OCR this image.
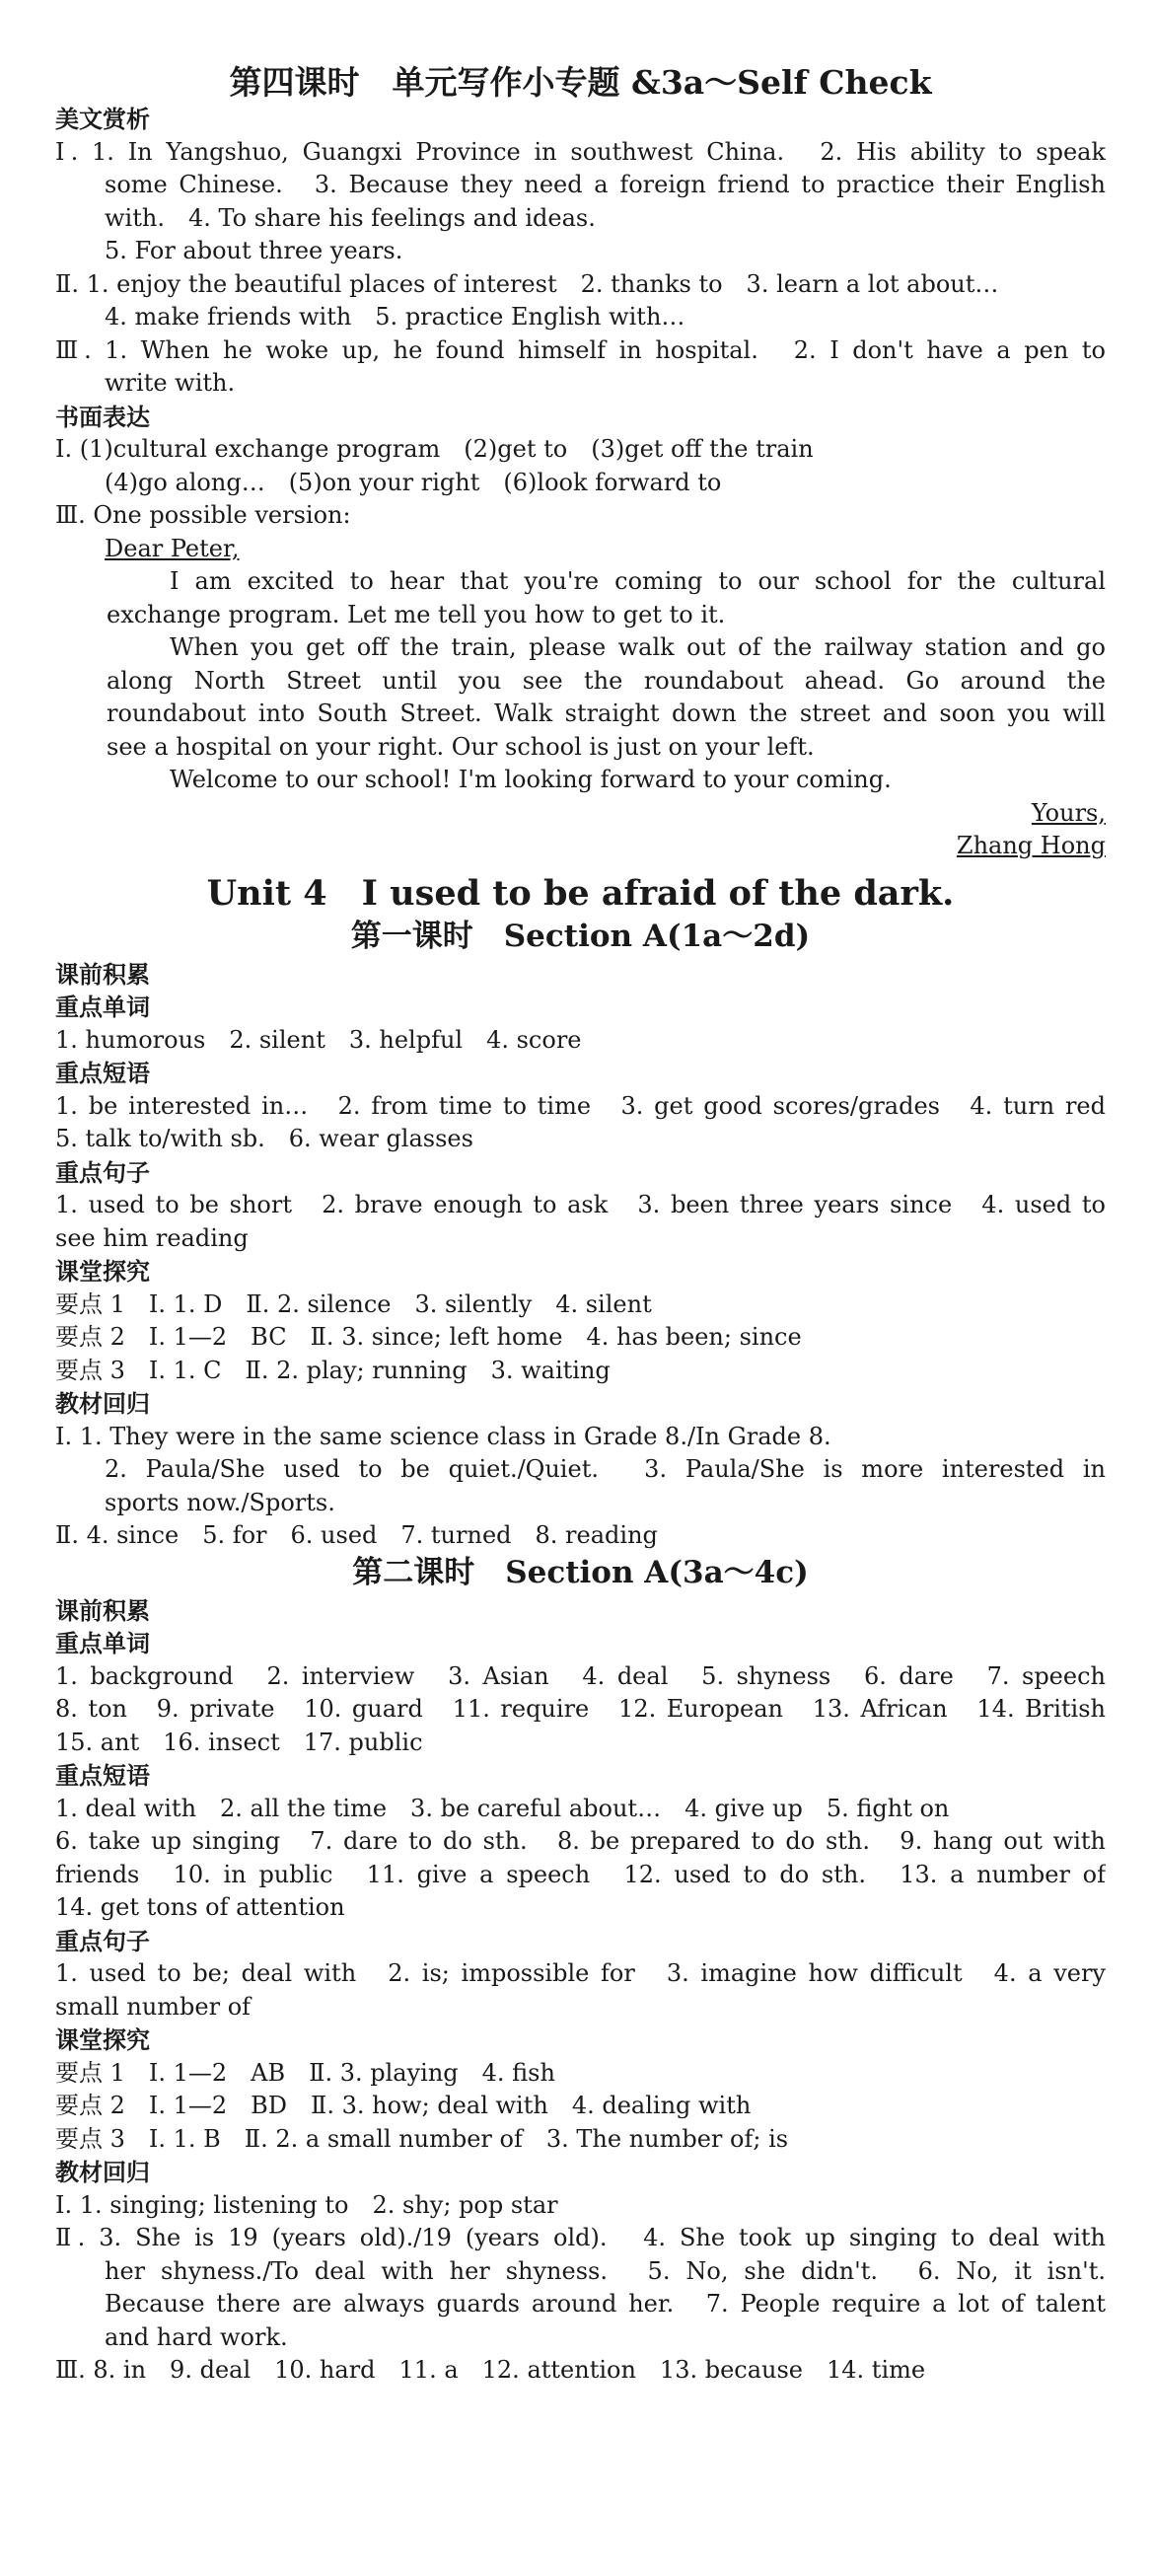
第四课时　单元写作小专题 &3a～Self Check
美文赏析
Ⅰ. 1. In Yangshuo, Guangxi Province in southwest China.　2. His ability to speak
some Chinese.　3. Because they need a foreign friend to practice their English
with.　4. To share his feelings and ideas.
5. For about three years.
Ⅱ. 1. enjoy the beautiful places of interest　2. thanks to　3. learn a lot about…
4. make friends with　5. practice English with…
Ⅲ. 1. When he woke up, he found himself in hospital.　2. I don't have a pen to
write with.
书面表达
Ⅰ. (1)cultural exchange program　(2)get to　(3)get off the train
(4)go along…　(5)on your right　(6)look forward to
Ⅲ. One possible version:
Dear Peter,
I am excited to hear that you're coming to our school for the cultural
exchange program. Let me tell you how to get to it.
When you get off the train, please walk out of the railway station and go
along North Street until you see the roundabout ahead. Go around the
roundabout into South Street. Walk straight down the street and soon you will
see a hospital on your right. Our school is just on your left.
Welcome to our school! I'm looking forward to your coming.
Yours,
Zhang Hong
Unit 4　I used to be afraid of the dark.
第一课时　Section A(1a～2d)
课前积累
重点单词
1. humorous　2. silent　3. helpful　4. score
重点短语
1. be interested in…　2. from time to time　3. get good scores/grades　4. turn red
5. talk to/with sb.　6. wear glasses
重点句子
1. used to be short　2. brave enough to ask　3. been three years since　4. used to
see him reading
课堂探究
要点 1　Ⅰ. 1. D　Ⅱ. 2. silence　3. silently　4. silent
要点 2　Ⅰ. 1—2　BC　Ⅱ. 3. since; left home　4. has been; since
要点 3　Ⅰ. 1. C　Ⅱ. 2. play; running　3. waiting
教材回归
Ⅰ. 1. They were in the same science class in Grade 8./In Grade 8.
2. Paula/She used to be quiet./Quiet.　3. Paula/She is more interested in
sports now./Sports.
Ⅱ. 4. since　5. for　6. used　7. turned　8. reading
第二课时　Section A(3a～4c)
课前积累
重点单词
1. background　2. interview　3. Asian　4. deal　5. shyness　6. dare　7. speech
8. ton　9. private　10. guard　11. require　12. European　13. African　14. British
15. ant　16. insect　17. public
重点短语
1. deal with　2. all the time　3. be careful about…　4. give up　5. fight on
6. take up singing　7. dare to do sth.　8. be prepared to do sth.　9. hang out with
friends　10. in public　11. give a speech　12. used to do sth.　13. a number of
14. get tons of attention
重点句子
1. used to be; deal with　2. is; impossible for　3. imagine how difficult　4. a very
small number of
课堂探究
要点 1　Ⅰ. 1—2　AB　Ⅱ. 3. playing　4. fish
要点 2　Ⅰ. 1—2　BD　Ⅱ. 3. how; deal with　4. dealing with
要点 3　Ⅰ. 1. B　Ⅱ. 2. a small number of　3. The number of; is
教材回归
Ⅰ. 1. singing; listening to　2. shy; pop star
Ⅱ. 3. She is 19 (years old)./19 (years old).　4. She took up singing to deal with
her shyness./To deal with her shyness.　5. No, she didn't.　6. No, it isn't.
Because there are always guards around her.　7. People require a lot of talent
and hard work.
Ⅲ. 8. in　9. deal　10. hard　11. a　12. attention　13. because　14. time
